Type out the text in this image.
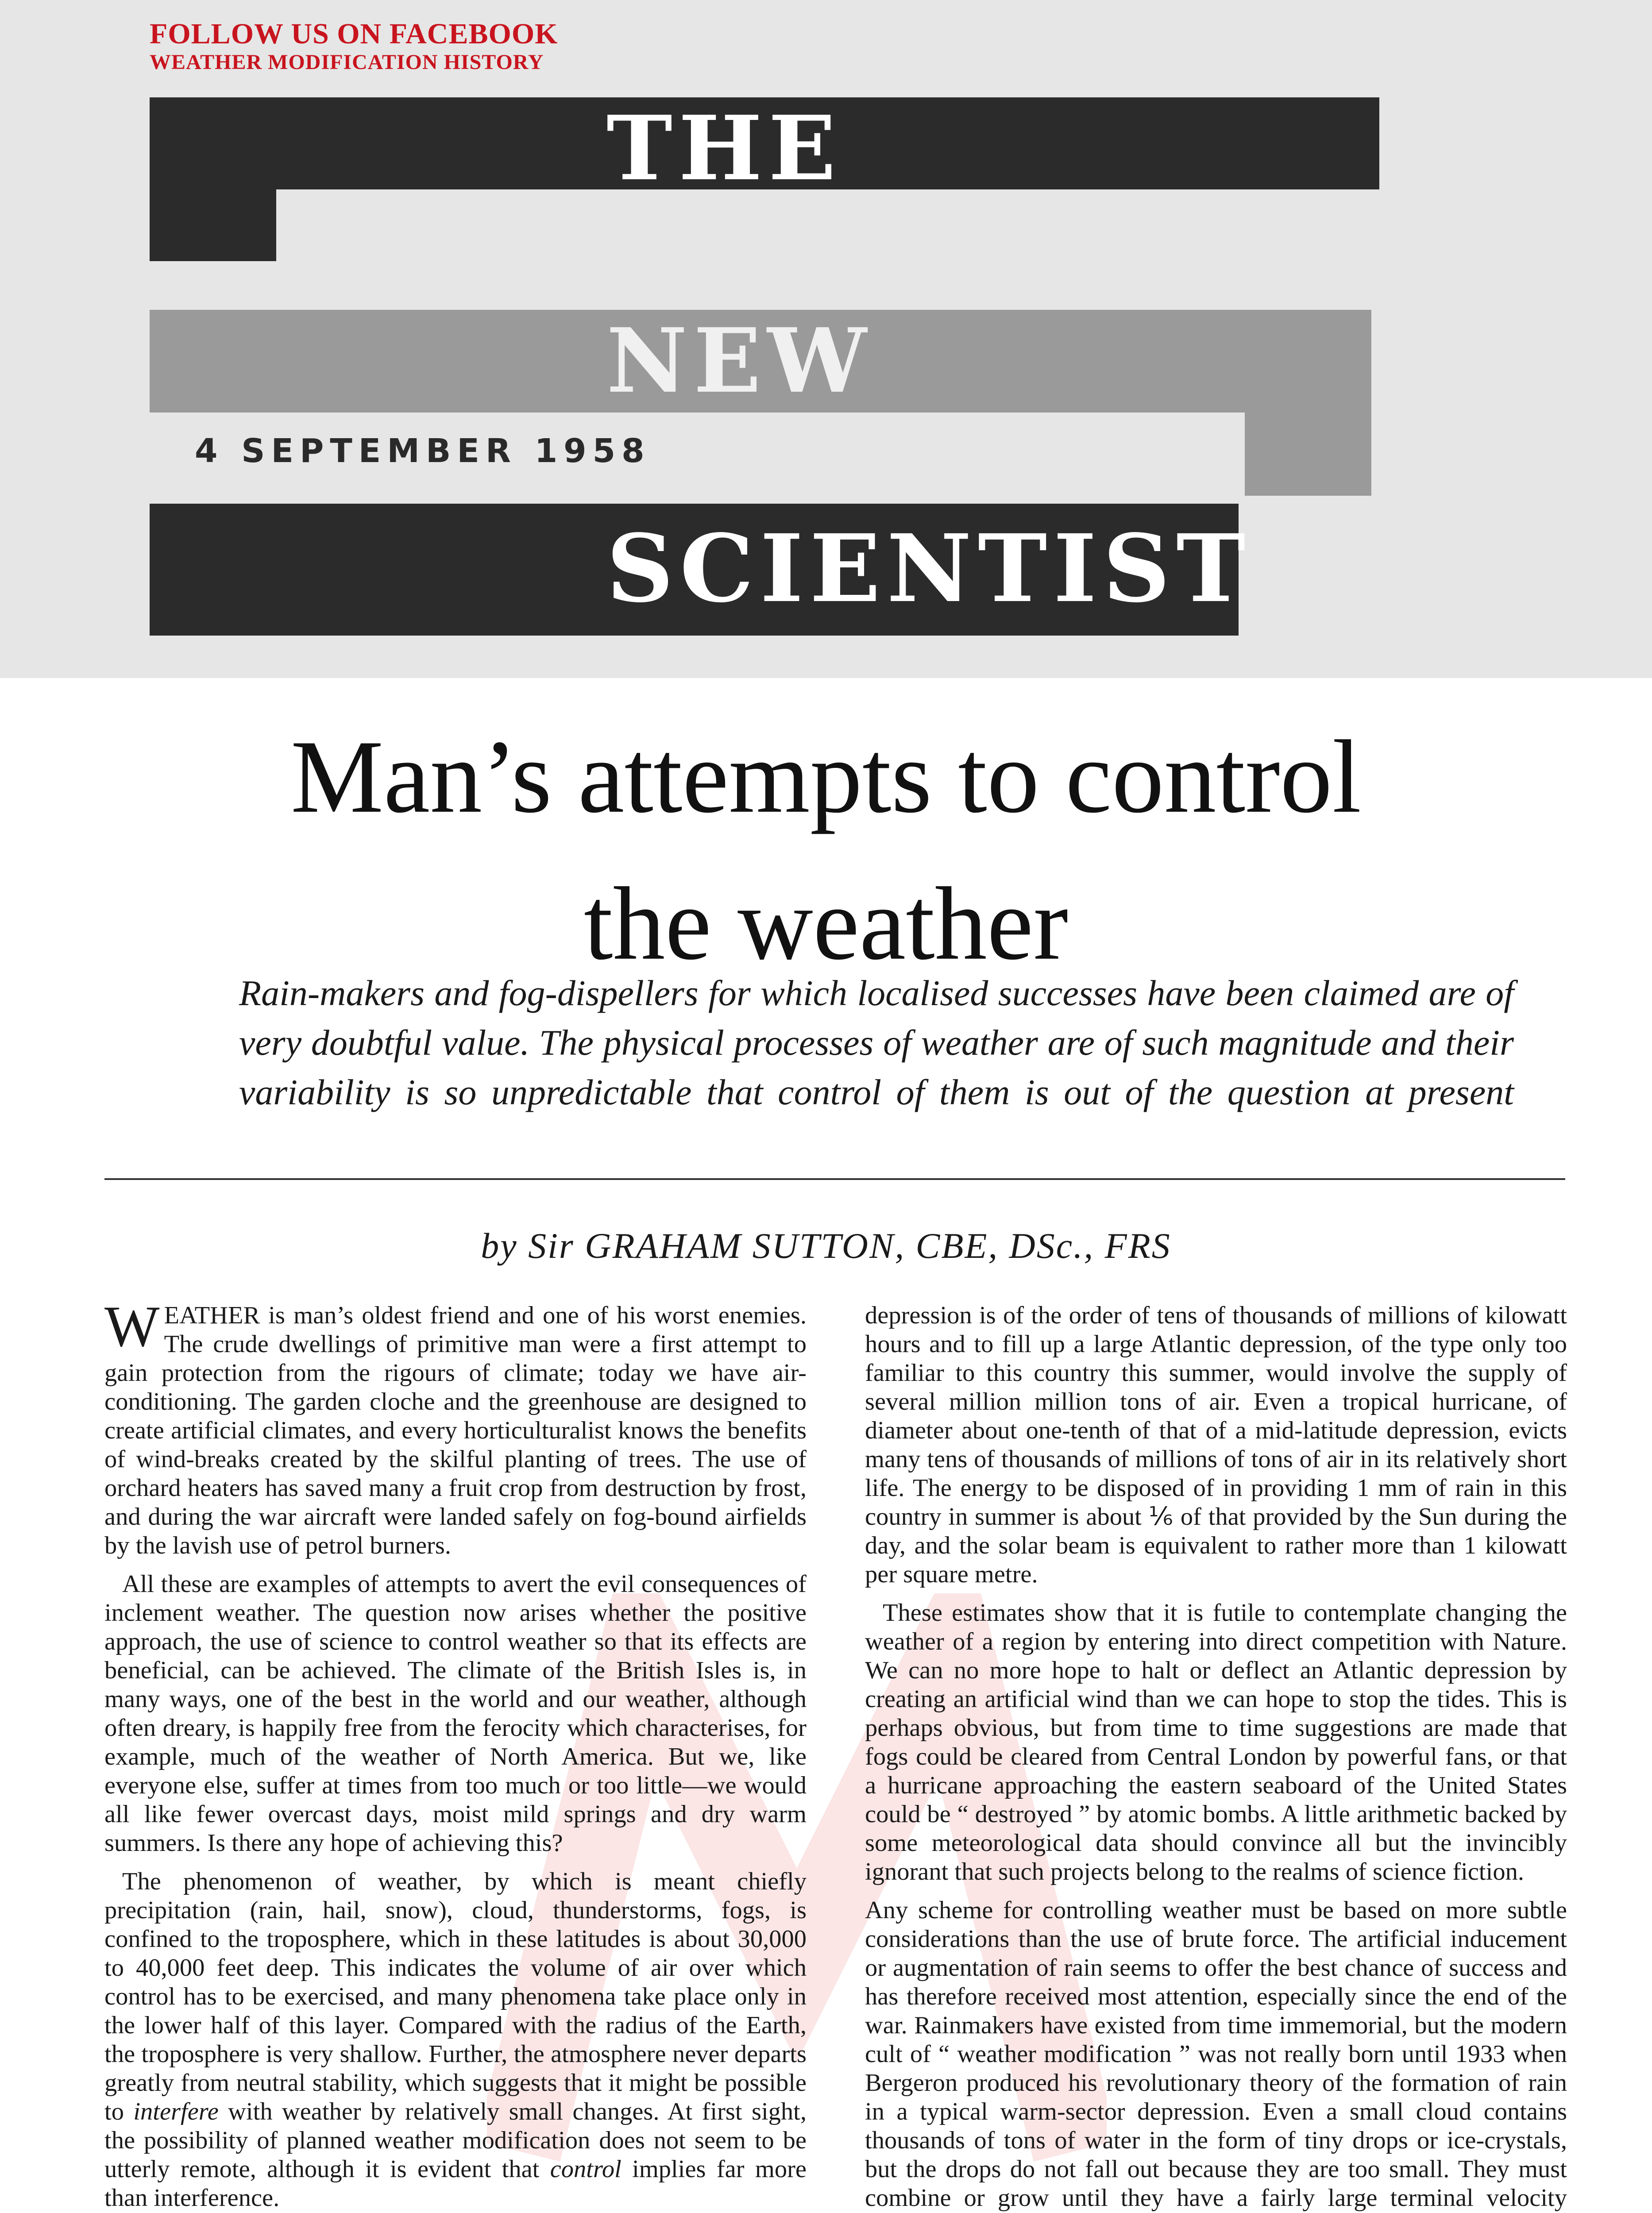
FOLLOW US ON FACEBOOK
WEATHER MODIFICATION HISTORY
THE
NEW
SCIENTIST
4 SEPTEMBER 1958
Man’s attempts to control
the weather
Rain-makers and fog-dispellers for which localised successes have been claimed are of very doubtful value. The physical processes of weather are of such magnitude and their variability is so unpredictable that control of them is out of the question at present
by Sir GRAHAM SUTTON, CBE, DSc., FRS

WEATHER is man’s oldest friend and one of his worst enemies. The crude dwellings of primitive man were a first attempt to gain protection from the rigours of climate; today we have air-conditioning. The garden cloche and the greenhouse are designed to create artificial climates, and every horticulturalist knows the benefits of wind-breaks created by the skilful planting of trees. The use of orchard heaters has saved many a fruit crop from destruction by frost, and during the war aircraft were landed safely on fog-bound airfields by the lavish use of petrol burners.

All these are examples of attempts to avert the evil consequences of inclement weather. The question now arises whether the positive approach, the use of science to control weather so that its effects are beneficial, can be achieved. The climate of the British Isles is, in many ways, one of the best in the world and our weather, although often dreary, is happily free from the ferocity which characterises, for example, much of the weather of North America. But we, like everyone else, suffer at times from too much or too little—we would all like fewer overcast days, moist mild springs and dry warm summers. Is there any hope of achieving this?

The phenomenon of weather, by which is meant chiefly precipitation (rain, hail, snow), cloud, thunderstorms, fogs, is confined to the troposphere, which in these latitudes is about 30,000 to 40,000 feet deep. This indicates the volume of air over which control has to be exercised, and many phenomena take place only in the lower half of this layer. Compared with the radius of the Earth, the troposphere is very shallow. Further, the atmosphere never departs greatly from neutral stability, which suggests that it might be possible to interfere with weather by relatively small changes. At first sight, the possibility of planned weather modification does not seem to be utterly remote, although it is evident that control implies far more than interference.

depression is of the order of tens of thousands of millions of kilowatt hours and to fill up a large Atlantic depression, of the type only too familiar to this country this summer, would involve the supply of several million million tons of air. Even a tropical hurricane, of diameter about one-tenth of that of a mid-latitude depression, evicts many tens of thousands of millions of tons of air in its relatively short life. The energy to be disposed of in providing 1 mm of rain in this country in summer is about ⅙ of that provided by the Sun during the day, and the solar beam is equivalent to rather more than 1 kilowatt per square metre.

These estimates show that it is futile to contemplate changing the weather of a region by entering into direct competition with Nature. We can no more hope to halt or deflect an Atlantic depression by creating an artificial wind than we can hope to stop the tides. This is perhaps obvious, but from time to time suggestions are made that fogs could be cleared from Central London by powerful fans, or that a hurricane approaching the eastern seaboard of the United States could be “ destroyed ” by atomic bombs. A little arithmetic backed by some meteorological data should convince all but the invincibly ignorant that such projects belong to the realms of science fiction.

Any scheme for controlling weather must be based on more subtle considerations than the use of brute force. The artificial inducement or augmentation of rain seems to offer the best chance of success and has therefore received most attention, especially since the end of the war. Rainmakers have existed from time immemorial, but the modern cult of “ weather modification ” was not really born until 1933 when Bergeron produced his revolutionary theory of the formation of rain in a typical warm-sector depression. Even a small cloud contains thousands of tons of water in the form of tiny drops or ice-crystals, but the drops do not fall out because they are too small. They must combine or grow until they have a fairly large terminal velocity
